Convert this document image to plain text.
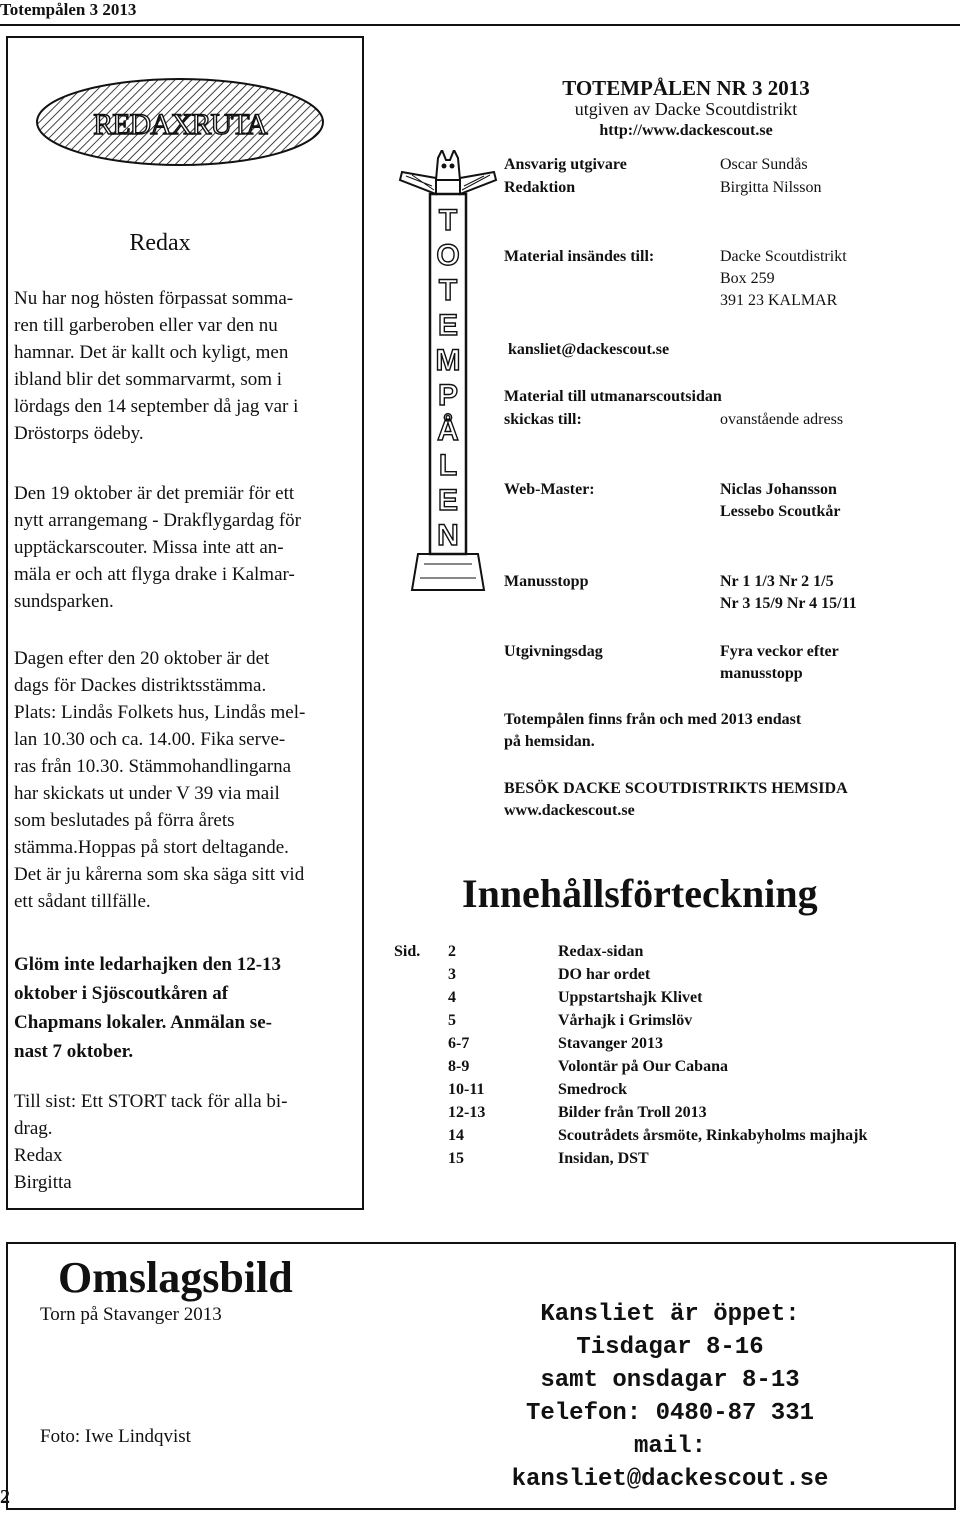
Totempålen 3 2013
REDAXRUTA
Redax

Nu har nog hösten förpassat somma-

ren till garberoben eller var den nu

hamnar. Det är kallt och kyligt, men

ibland blir det sommarvarmt, som i

lördags den 14 september då jag var i

Dröstorps ödeby.

Den 19 oktober är det premiär för ett

nytt arrangemang - Drakflygardag för

upptäckarscouter. Missa inte att an-

mäla er och att flyga drake i Kalmar-

sundsparken.

Dagen efter den 20 oktober är det

dags för Dackes distriktsstämma.

Plats: Lindås Folkets hus, Lindås mel-

lan 10.30 och ca. 14.00. Fika serve-

ras från 10.30. Stämmohandlingarna

har skickats ut under V 39 via mail

som beslutades på förra årets

stämma.Hoppas på stort deltagande.

Det är ju kårerna som ska säga sitt vid

ett sådant tillfälle.

Glöm inte ledarhajken den 12-13

oktober i Sjöscoutkåren af

Chapmans lokaler. Anmälan se-

nast 7 oktober.

Till sist: Ett STORT tack för alla bi-

drag.

Redax

Birgitta

T
O
T
E
M
P
Å
L
E
N
TOTEMPÅLEN NR 3 2013
utgiven av Dacke Scoutdistrikt
http://www.dackescout.se
Ansvarig utgivare	Oscar Sundås
Redaktion	Birgitta Nilsson
Material insändes till:	Dacke Scoutdistrikt
Box 259
391 23 KALMAR
kansliet@dackescout.se
Material till utmanarscoutsidan
skickas till:	ovanstående adress
Web-Master:	Niclas Johansson
Lessebo Scoutkår
Manusstopp	Nr 1 1/3 Nr 2 1/5
Nr 3 15/9 Nr 4 15/11
Utgivningsdag	Fyra veckor efter
manusstopp
Totempålen finns från och med 2013 endast
på hemsidan.
BESÖK DACKE SCOUTDISTRIKTS HEMSIDA
www.dackescout.se
Innehållsförteckning
Sid. 2	Redax-sidan
3	DO har ordet
4	Uppstartshajk Klivet
5	Vårhajk i Grimslöv
6-7	Stavanger 2013
8-9	Volontär på Our Cabana
10-11	Smedrock
12-13	Bilder från Troll 2013
14	Scoutrådets årsmöte, Rinkabyholms majhajk
15	Insidan, DST
Omslagsbild
Torn på Stavanger 2013
Foto: Iwe Lindqvist
Kansliet är öppet:
Tisdagar 8-16
samt onsdagar 8-13
Telefon: 0480-87 331
mail: kansliet@dackescout.se
2
